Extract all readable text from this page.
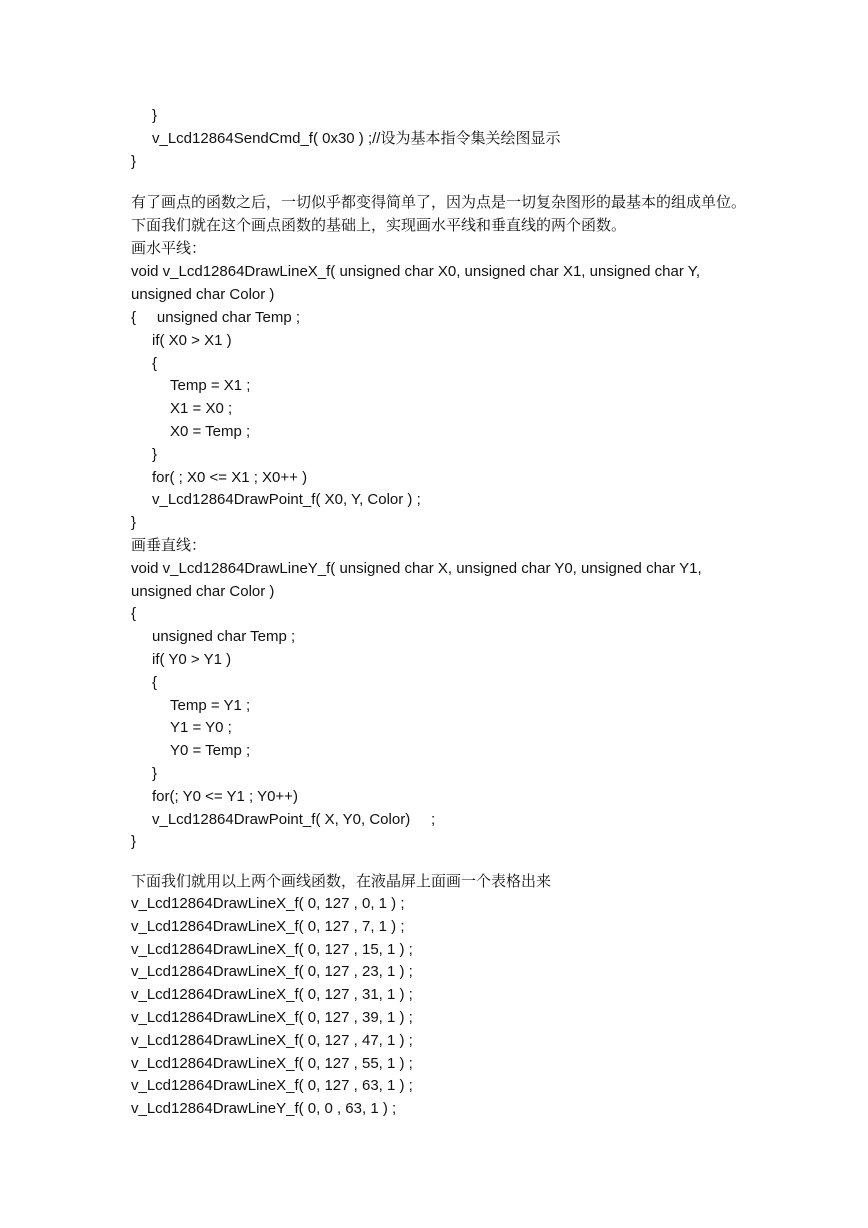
}
v_Lcd12864SendCmd_f( 0x30 ) ;//设为基本指令集关绘图显示
}
有了画点的函数之后，一切似乎都变得简单了，因为点是一切复杂图形的最基本的组成单位。
下面我们就在这个画点函数的基础上，实现画水平线和垂直线的两个函数。
画水平线：
void v_Lcd12864DrawLineX_f( unsigned char X0, unsigned char X1, unsigned char Y,
unsigned char Color )
{     unsigned char Temp ;
if( X0 > X1 )
{
Temp = X1 ;
X1 = X0 ;
X0 = Temp ;
}
for( ; X0 <= X1 ; X0++ )
v_Lcd12864DrawPoint_f( X0, Y, Color ) ;
}
画垂直线：
void v_Lcd12864DrawLineY_f( unsigned char X, unsigned char Y0, unsigned char Y1,
unsigned char Color )
{
unsigned char Temp ;
if( Y0 > Y1 )
{
Temp = Y1 ;
Y1 = Y0 ;
Y0 = Temp ;
}
for(; Y0 <= Y1 ; Y0++)
v_Lcd12864DrawPoint_f( X, Y0, Color)     ;
}
下面我们就用以上两个画线函数，在液晶屏上面画一个表格出来
v_Lcd12864DrawLineX_f( 0, 127 , 0, 1 ) ;
v_Lcd12864DrawLineX_f( 0, 127 , 7, 1 ) ;
v_Lcd12864DrawLineX_f( 0, 127 , 15, 1 ) ;
v_Lcd12864DrawLineX_f( 0, 127 , 23, 1 ) ;
v_Lcd12864DrawLineX_f( 0, 127 , 31, 1 ) ;
v_Lcd12864DrawLineX_f( 0, 127 , 39, 1 ) ;
v_Lcd12864DrawLineX_f( 0, 127 , 47, 1 ) ;
v_Lcd12864DrawLineX_f( 0, 127 , 55, 1 ) ;
v_Lcd12864DrawLineX_f( 0, 127 , 63, 1 ) ;
v_Lcd12864DrawLineY_f( 0, 0 , 63, 1 ) ;
